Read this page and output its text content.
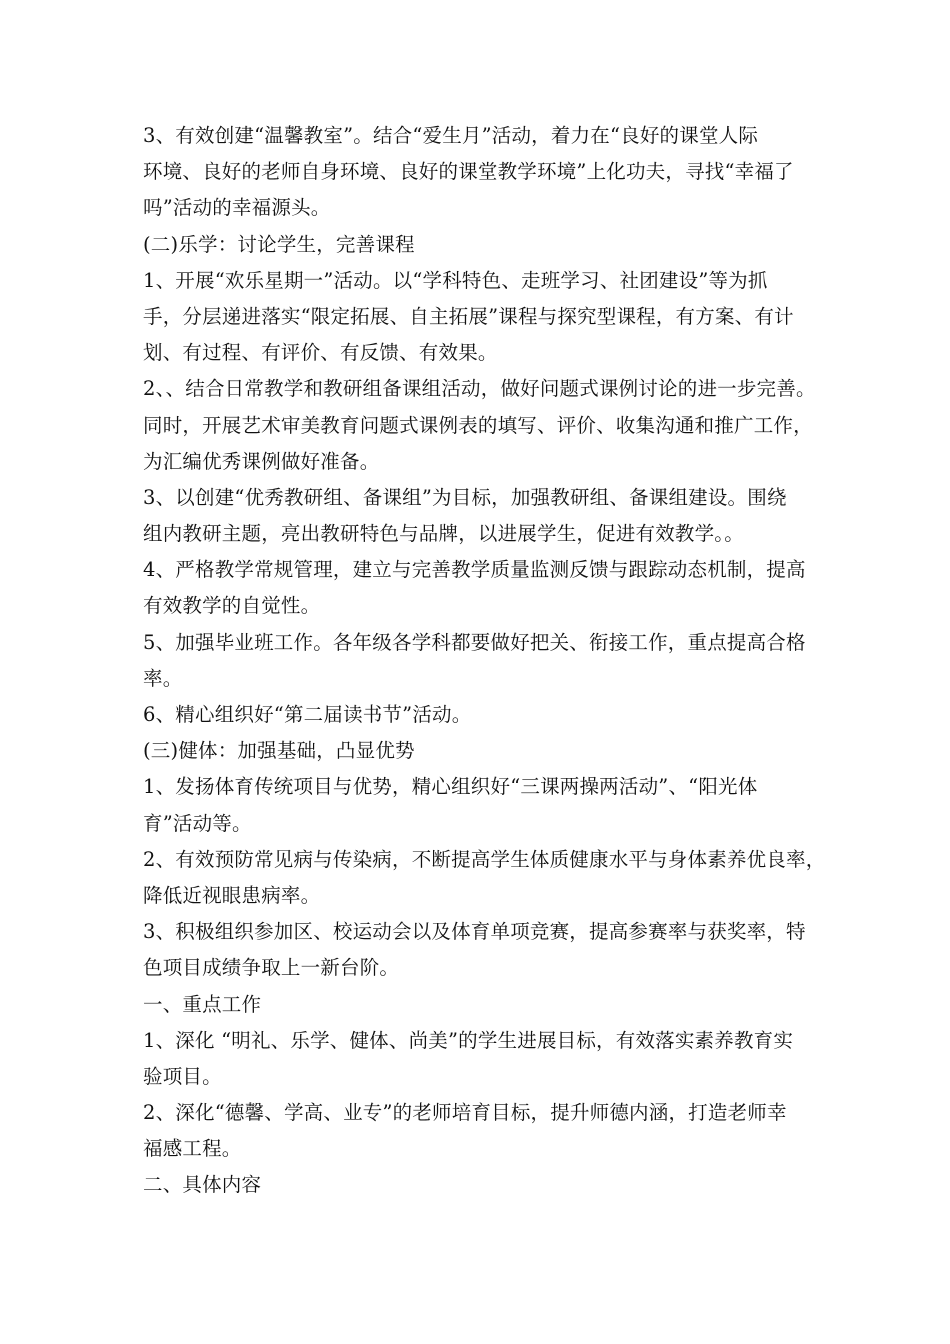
3、有效创建“温馨教室”。结合“爱生月”活动，着力在“良好的课堂人际
环境、良好的老师自身环境、良好的课堂教学环境”上化功夫，寻找“幸福了
吗”活动的幸福源头。
(二)乐学：讨论学生，完善课程
1、开展“欢乐星期一”活动。以“学科特色、走班学习、社团建设”等为抓
手，分层递进落实“限定拓展、自主拓展”课程与探究型课程，有方案、有计
划、有过程、有评价、有反馈、有效果。
2、、结合日常教学和教研组备课组活动，做好问题式课例讨论的进一步完善。
同时，开展艺术审美教育问题式课例表的填写、评价、收集沟通和推广工作，
为汇编优秀课例做好准备。
3、以创建“优秀教研组、备课组”为目标，加强教研组、备课组建设。围绕
组内教研主题，亮出教研特色与品牌，以进展学生，促进有效教学。。
4、严格教学常规管理，建立与完善教学质量监测反馈与跟踪动态机制，提高
有效教学的自觉性。
5、加强毕业班工作。各年级各学科都要做好把关、衔接工作，重点提高合格
率。
6、精心组织好“第二届读书节”活动。
(三)健体：加强基础，凸显优势
1、发扬体育传统项目与优势，精心组织好“三课两操两活动”、“阳光体
育”活动等。
2、有效预防常见病与传染病，不断提高学生体质健康水平与身体素养优良率，
降低近视眼患病率。
3、积极组织参加区、校运动会以及体育单项竞赛，提高参赛率与获奖率，特
色项目成绩争取上一新台阶。
一、重点工作
1、深化 “明礼、乐学、健体、尚美”的学生进展目标，有效落实素养教育实
验项目。
2、深化“德馨、学高、业专”的老师培育目标，提升师德内涵，打造老师幸
福感工程。
二、具体内容
